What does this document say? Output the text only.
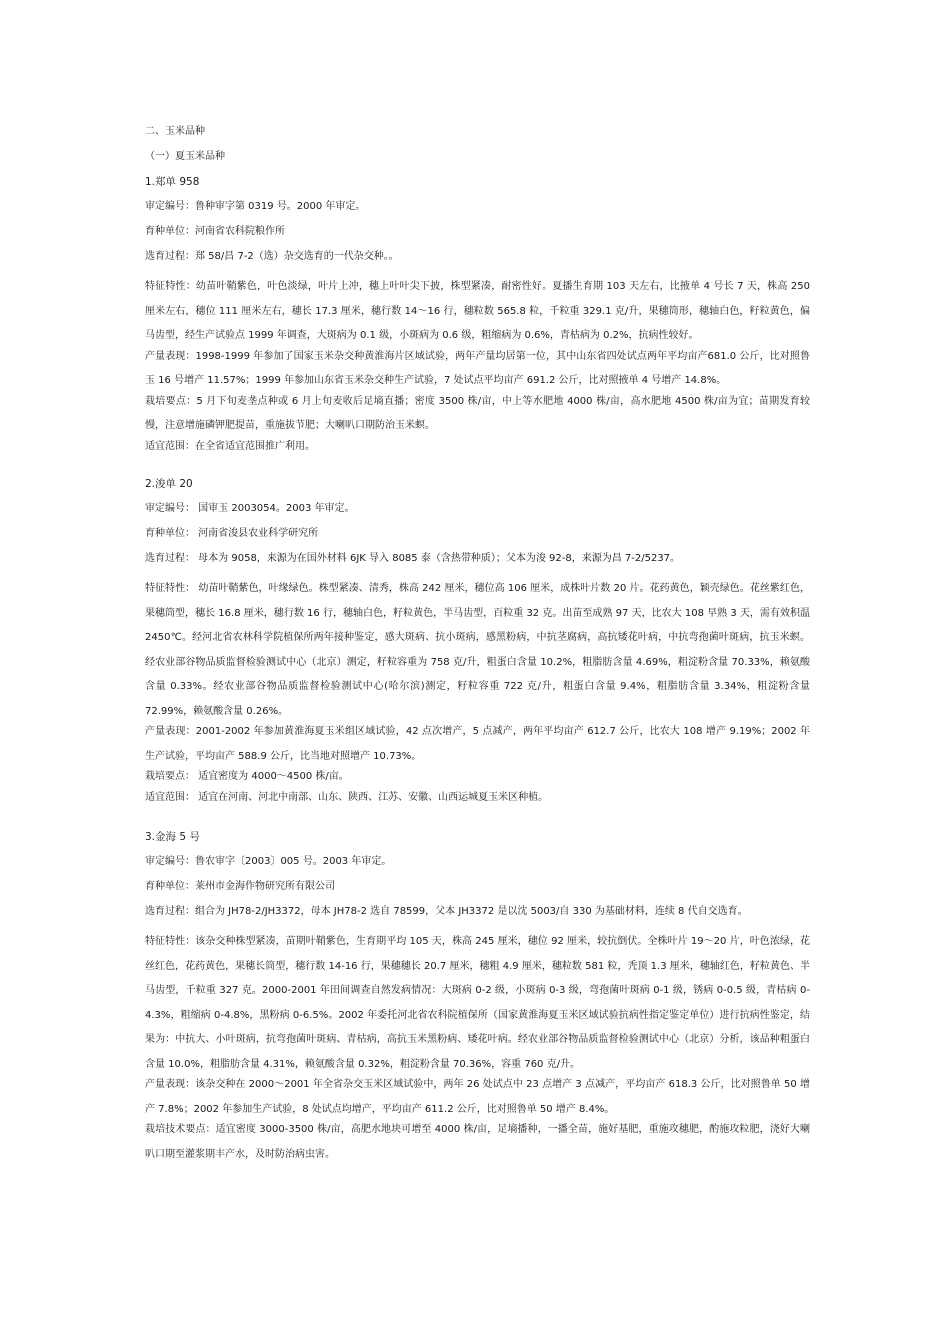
二、玉米品种
（一）夏玉米品种
1.郑单 958
审定编号：鲁种审字第 0319 号。2000 年审定。
育种单位：河南省农科院粮作所
选育过程：郑 58/昌 7-2（选）杂交选育的一代杂交种。。
特征特性：幼苗叶鞘紫色，叶色淡绿，叶片上冲，穗上叶叶尖下披，株型紧凑，耐密性好。夏播生育期 103 天左右，比掖单 4 号长 7 天，株高 250 厘米左右，穗位 111 厘米左右，穗长 17.3 厘米，穗行数 14～16 行，穗粒数 565.8 粒，千粒重 329.1 克/升，果穗筒形，穗轴白色，籽粒黄色，偏马齿型，经生产试验点 1999 年调查，大斑病为 0.1 级，小斑病为 0.6 级，粗缩病为 0.6%，青枯病为 0.2%，抗病性较好。
产量表现：1998-1999 年参加了国家玉米杂交种黄淮海片区域试验，两年产量均居第一位，其中山东省四处试点两年平均亩产681.0 公斤，比对照鲁玉 16 号增产 11.57%；1999 年参加山东省玉米杂交种生产试验，7 处试点平均亩产 691.2 公斤，比对照掖单 4 号增产 14.8%。
栽培要点：5 月下旬麦垄点种或 6 月上旬麦收后足墒直播；密度 3500 株/亩，中上等水肥地 4000 株/亩，高水肥地 4500 株/亩为宜；苗期发育较慢，注意增施磷钾肥提苗，重施拔节肥；大喇叭口期防治玉米螟。
适宜范围：在全省适宜范围推广利用。
2.浚单 20
审定编号： 国审玉 2003054。2003 年审定。
育种单位： 河南省浚县农业科学研究所
选育过程： 母本为 9058，来源为在国外材料 6JK 导入 8085 泰（含热带种质）；父本为浚 92-8，来源为昌 7-2/5237。
特征特性： 幼苗叶鞘紫色，叶缘绿色。株型紧凑、清秀，株高 242 厘米，穗位高 106 厘米，成株叶片数 20 片。花药黄色，颖壳绿色。花丝紫红色，果穗筒型，穗长 16.8 厘米，穗行数 16 行，穗轴白色，籽粒黄色，半马齿型，百粒重 32 克。出苗至成熟 97 天，比农大 108 早熟 3 天，需有效积温 2450℃。经河北省农林科学院植保所两年接种鉴定，感大斑病、抗小斑病，感黑粉病，中抗茎腐病，高抗矮花叶病，中抗弯孢菌叶斑病，抗玉米螟。经农业部谷物品质监督检验测试中心（北京）测定，籽粒容重为 758 克/升，粗蛋白含量 10.2%，粗脂肪含量 4.69%，粗淀粉含量 70.33%，赖氨酸含量 0.33%。经农业部谷物品质监督检验测试中心(哈尔滨)测定，籽粒容重 722 克/升，粗蛋白含量 9.4%，粗脂肪含量 3.34%，粗淀粉含量 72.99%，赖氨酸含量 0.26%。
产量表现：2001-2002 年参加黄淮海夏玉米组区域试验，42 点次增产，5 点减产，两年平均亩产 612.7 公斤，比农大 108 增产 9.19%；2002 年生产试验，平均亩产 588.9 公斤，比当地对照增产 10.73%。
栽培要点： 适宜密度为 4000～4500 株/亩。
适宜范围： 适宜在河南、河北中南部、山东、陕西、江苏、安徽、山西运城夏玉米区种植。
3.金海 5 号
审定编号：鲁农审字〔2003〕005 号。2003 年审定。
育种单位：莱州市金海作物研究所有限公司
选育过程：组合为 JH78-2/JH3372，母本 JH78-2 选自 78599，父本 JH3372 是以沈 5003/自 330 为基础材料，连续 8 代自交选育。
特征特性：该杂交种株型紧凑，苗期叶鞘紫色，生育期平均 105 天，株高 245 厘米，穗位 92 厘米，较抗倒伏。全株叶片 19～20 片，叶色浓绿，花丝红色，花药黄色，果穗长筒型，穗行数 14-16 行，果穗穗长 20.7 厘米，穗粗 4.9 厘米，穗粒数 581 粒，秃顶 1.3 厘米，穗轴红色，籽粒黄色、半马齿型，千粒重 327 克。2000-2001 年田间调查自然发病情况：大斑病 0-2 级，小斑病 0-3 级，弯孢菌叶斑病 0-1 级，锈病 0-0.5 级，青枯病 0-4.3%，粗缩病 0-4.8%，黑粉病 0-6.5%。2002 年委托河北省农科院植保所（国家黄淮海夏玉米区域试验抗病性指定鉴定单位）进行抗病性鉴定，结果为：中抗大、小叶斑病，抗弯孢菌叶斑病、青枯病，高抗玉米黑粉病、矮花叶病。经农业部谷物品质监督检验测试中心（北京）分析，该品种粗蛋白含量 10.0%，粗脂肪含量 4.31%，赖氨酸含量 0.32%，粗淀粉含量 70.36%，容重 760 克/升。
产量表现：该杂交种在 2000～2001 年全省杂交玉米区域试验中，两年 26 处试点中 23 点增产 3 点减产，平均亩产 618.3 公斤，比对照鲁单 50 增产 7.8%；2002 年参加生产试验，8 处试点均增产，平均亩产 611.2 公斤，比对照鲁单 50 增产 8.4%。
栽培技术要点：适宜密度 3000-3500 株/亩，高肥水地块可增至 4000 株/亩，足墒播种，一播全苗，施好基肥，重施攻穗肥，酌施攻粒肥，浇好大喇叭口期至灌浆期丰产水，及时防治病虫害。
